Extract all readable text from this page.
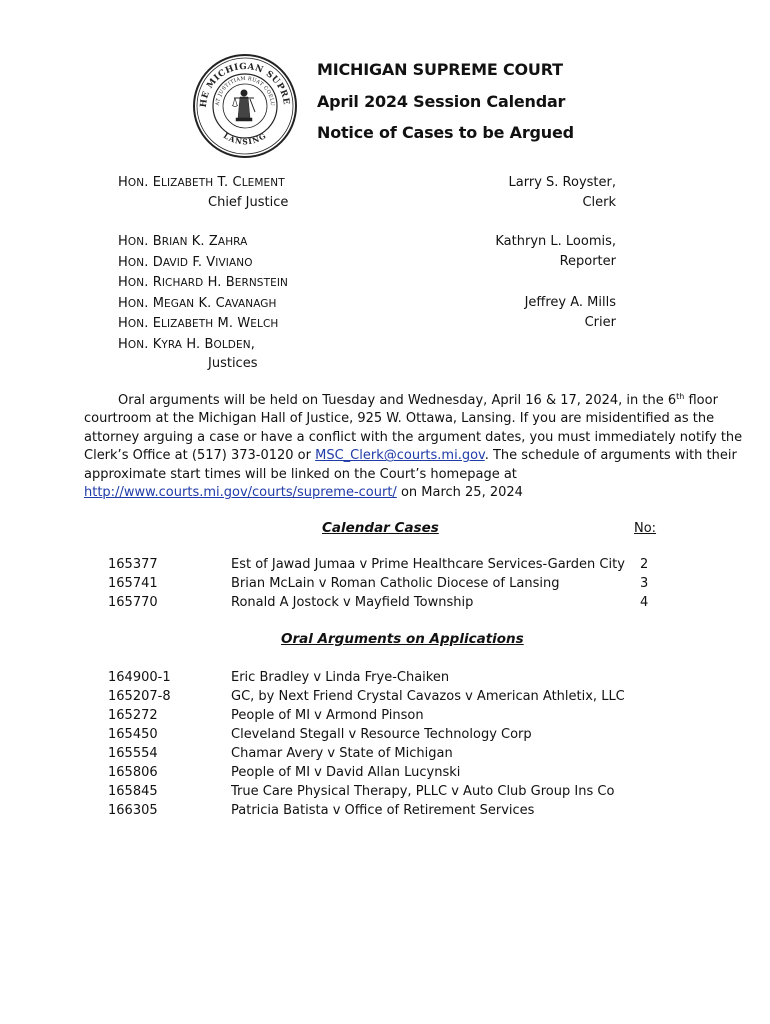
HE MICHIGAN SUPRE
LANSING
AT JUSTITIAM RUAT COELU
MICHIGAN SUPREME COURT
April 2024 Session Calendar
Notice of Cases to be Argued
HON. ELIZABETH T. CLEMENT
Chief Justice
HON. BRIAN K. ZAHRA
HON. DAVID F. VIVIANO
HON. RICHARD H. BERNSTEIN
HON. MEGAN K. CAVANAGH
HON. ELIZABETH M. WELCH
HON. KYRA H. BOLDEN,
Justices
Larry S. Royster,
Clerk
Kathryn L. Loomis,
Reporter
Jeffrey A. Mills
Crier
Oral arguments will be held on Tuesday and Wednesday, April 16 & 17, 2024, in the 6th floor
courtroom at the Michigan Hall of Justice, 925 W. Ottawa, Lansing. If you are misidentified as the
attorney arguing a case or have a conflict with the argument dates, you must immediately notify the
Clerk’s Office at (517) 373-0120 or MSC_Clerk@courts.mi.gov. The schedule of arguments with their
approximate start times will be linked on the Court’s homepage at
http://www.courts.mi.gov/courts/supreme-court/ on March 25, 2024
Calendar Cases	No:
165377	Est of Jawad Jumaa v Prime Healthcare Services-Garden City 2
165741	Brian McLain v Roman Catholic Diocese of Lansing	3
165770	Ronald A Jostock v Mayfield Township	4
Oral Arguments on Applications
164900-1	Eric Bradley v Linda Frye-Chaiken
165207-8	GC, by Next Friend Crystal Cavazos v American Athletix, LLC
165272	People of MI v Armond Pinson
165450	Cleveland Stegall v Resource Technology Corp
165554	Chamar Avery v State of Michigan
165806	People of MI v David Allan Lucynski
165845	True Care Physical Therapy, PLLC v Auto Club Group Ins Co
166305	Patricia Batista v Office of Retirement Services
